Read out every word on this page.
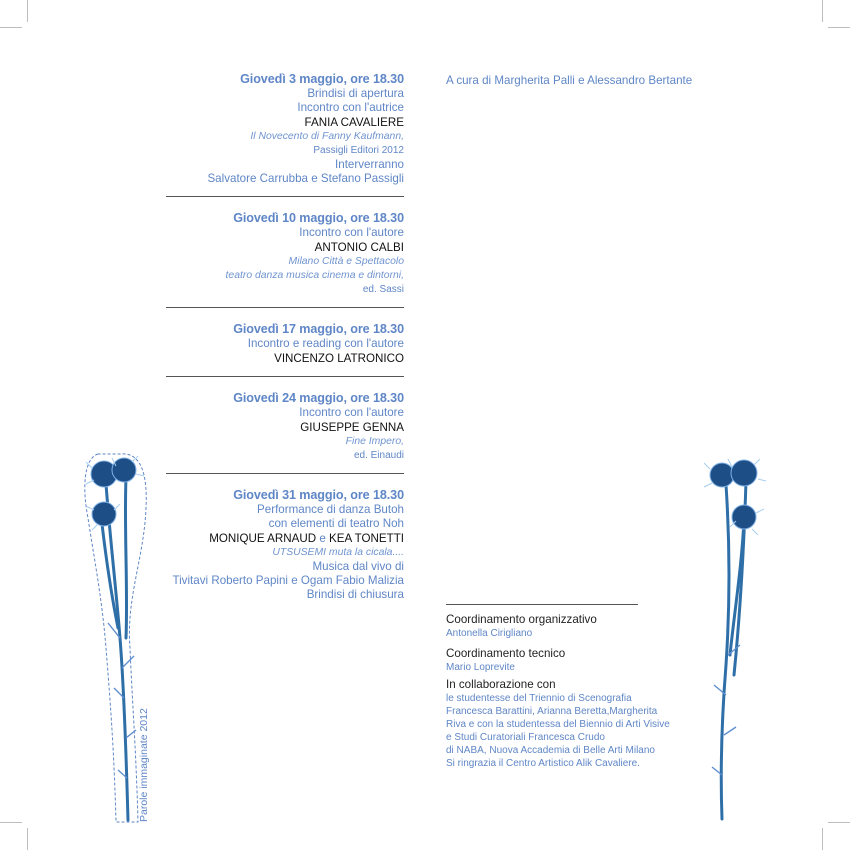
Giovedì 3 maggio, ore 18.30
Brindisi di apertura
Incontro con l'autrice
FANIA CAVALIERE
Il Novecento di Fanny Kaufmann,
Passigli Editori 2012
Interverranno
Salvatore Carrubba e Stefano Passigli
Giovedì 10 maggio, ore 18.30
Incontro con l'autore
ANTONIO CALBI
Milano Città e Spettacolo
teatro danza musica cinema e dintorni,
ed. Sassi
Giovedì 17 maggio, ore 18.30
Incontro e reading con l'autore
VINCENZO LATRONICO
Giovedì 24 maggio, ore 18.30
Incontro con l'autore
GIUSEPPE GENNA
Fine Impero,
ed. Einaudi
Giovedì 31 maggio, ore 18.30
Performance di danza Butoh
con elementi di teatro Noh
MONIQUE ARNAUD e KEA TONETTI
UTSUSEMI muta la cicala....
Musica dal vivo di
Tivitavi Roberto Papini e Ogam Fabio Malizia
Brindisi di chiusura
A cura di Margherita Palli e Alessandro Bertante
Coordinamento organizzativo
Antonella Cirigliano
Coordinamento tecnico
Mario Loprevite
In collaborazione con
le studentesse del Triennio di Scenografia
Francesca Barattini, Arianna Beretta,Margherita
Riva e con la studentessa del Biennio di Arti Visive
e Studi Curatoriali Francesca Crudo
di NABA, Nuova Accademia di Belle Arti Milano
Si ringrazia il Centro Artistico Alik Cavaliere.
Parole immaginate 2012
